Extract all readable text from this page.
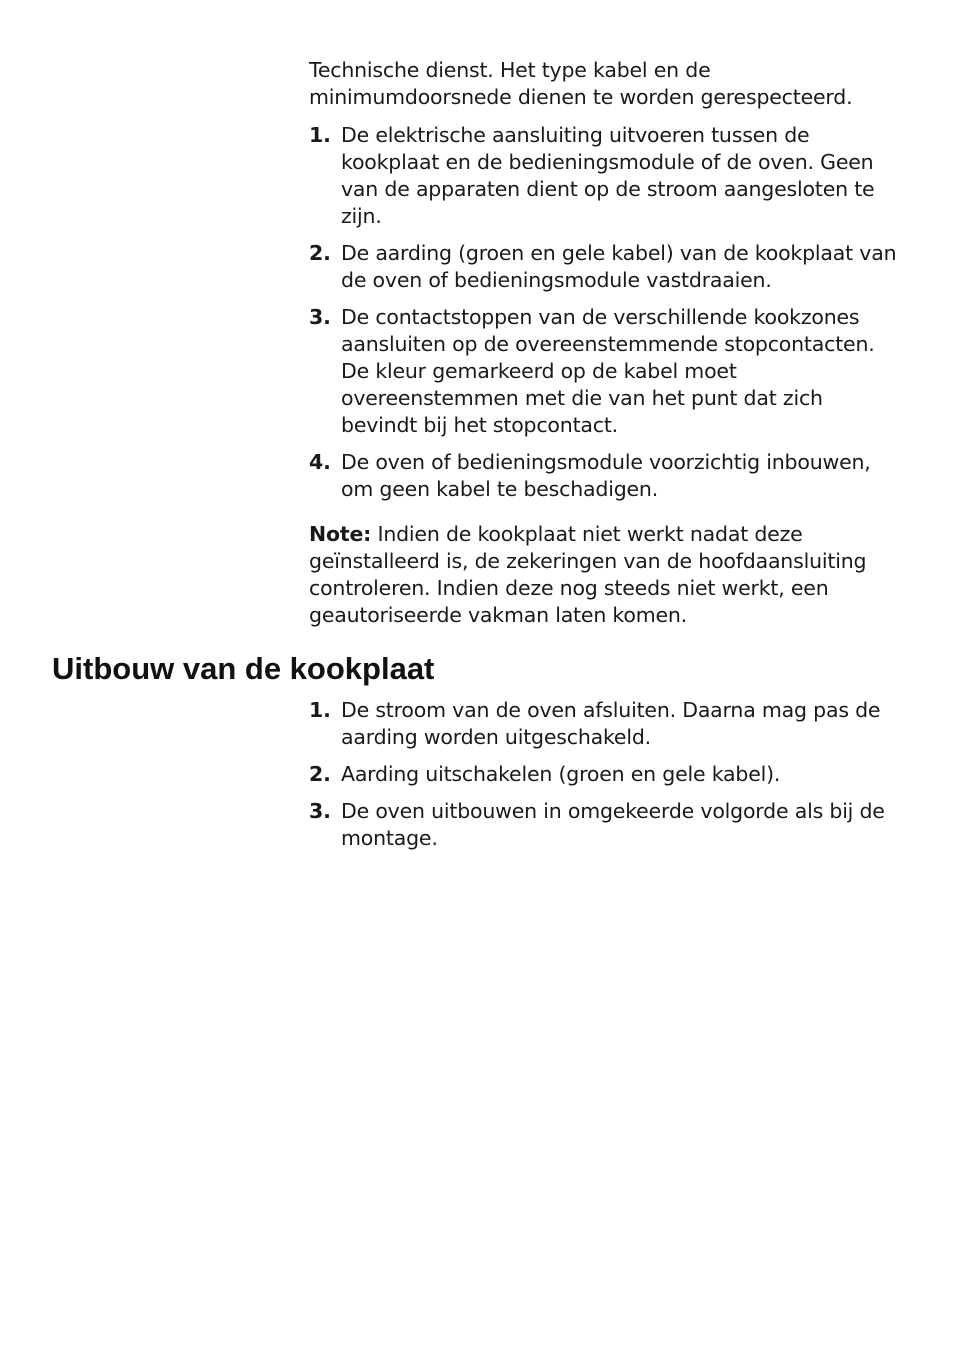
Technische dienst. Het type kabel en de minimumdoorsnede dienen te worden gerespecteerd.

1. De elektrische aansluiting uitvoeren tussen de kookplaat en de bedieningsmodule of de oven. Geen van de apparaten dient op de stroom aangesloten te zijn.
2. De aarding (groen en gele kabel) van de kookplaat van de oven of bedieningsmodule vastdraaien.
3. De contactstoppen van de verschillende kookzones aansluiten op de overeenstemmende stopcontacten. De kleur gemarkeerd op de kabel moet overeenstemmen met die van het punt dat zich bevindt bij het stopcontact.
4. De oven of bedieningsmodule voorzichtig inbouwen, om geen kabel te beschadigen.

Note: Indien de kookplaat niet werkt nadat deze geïnstalleerd is, de zekeringen van de hoofdaansluiting controleren. Indien deze nog steeds niet werkt, een geautoriseerde vakman laten komen.

Uitbouw van de kookplaat
1. De stroom van de oven afsluiten. Daarna mag pas de aarding worden uitgeschakeld.
2. Aarding uitschakelen (groen en gele kabel).
3. De oven uitbouwen in omgekeerde volgorde als bij de montage.
